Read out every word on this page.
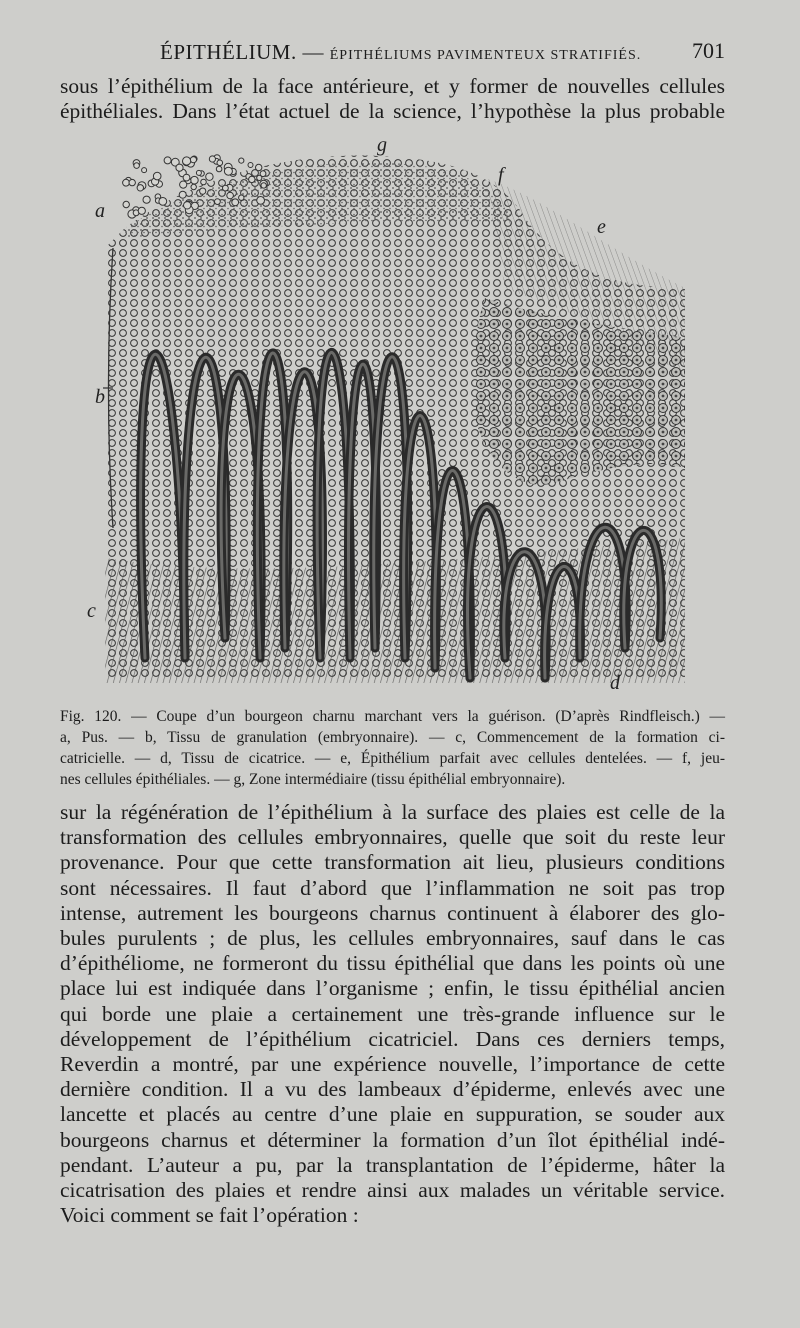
ÉPITHÉLIUM. — ÉPITHÉLIUMS PAVIMENTEUX STRATIFIÉS. 701
sous l’épithélium de la face antérieure, et y former de nouvelles cellules
épithéliales. Dans l’état actuel de la science, l’hypothèse la plus probable
a
b
c
d
e
f
g
Fig. 120. — Coupe d’un bourgeon charnu marchant vers la guérison. (D’après Rindfleisch.) —
a, Pus. — b, Tissu de granulation (embryonnaire). — c, Commencement de la formation ci-
catricielle. — d, Tissu de cicatrice. — e, Épithélium parfait avec cellules dentelées. — f, jeu-
nes cellules épithéliales. — g, Zone intermédiaire (tissu épithélial embryonnaire).
sur la régénération de l’épithélium à la surface des plaies est celle de la
transformation des cellules embryonnaires, quelle que soit du reste leur
provenance. Pour que cette transformation ait lieu, plusieurs conditions
sont nécessaires. Il faut d’abord que l’inflammation ne soit pas trop
intense, autrement les bourgeons charnus continuent à élaborer des glo-
bules purulents ; de plus, les cellules embryonnaires, sauf dans le cas
d’épithéliome, ne formeront du tissu épithélial que dans les points où une
place lui est indiquée dans l’organisme ; enfin, le tissu épithélial ancien
qui borde une plaie a certainement une très-grande influence sur le
développement de l’épithélium cicatriciel. Dans ces derniers temps,
Reverdin a montré, par une expérience nouvelle, l’importance de cette
dernière condition. Il a vu des lambeaux d’épiderme, enlevés avec une
lancette et placés au centre d’une plaie en suppuration, se souder aux
bourgeons charnus et déterminer la formation d’un îlot épithélial indé-
pendant. L’auteur a pu, par la transplantation de l’épiderme, hâter la
cicatrisation des plaies et rendre ainsi aux malades un véritable service.
Voici comment se fait l’opération :
